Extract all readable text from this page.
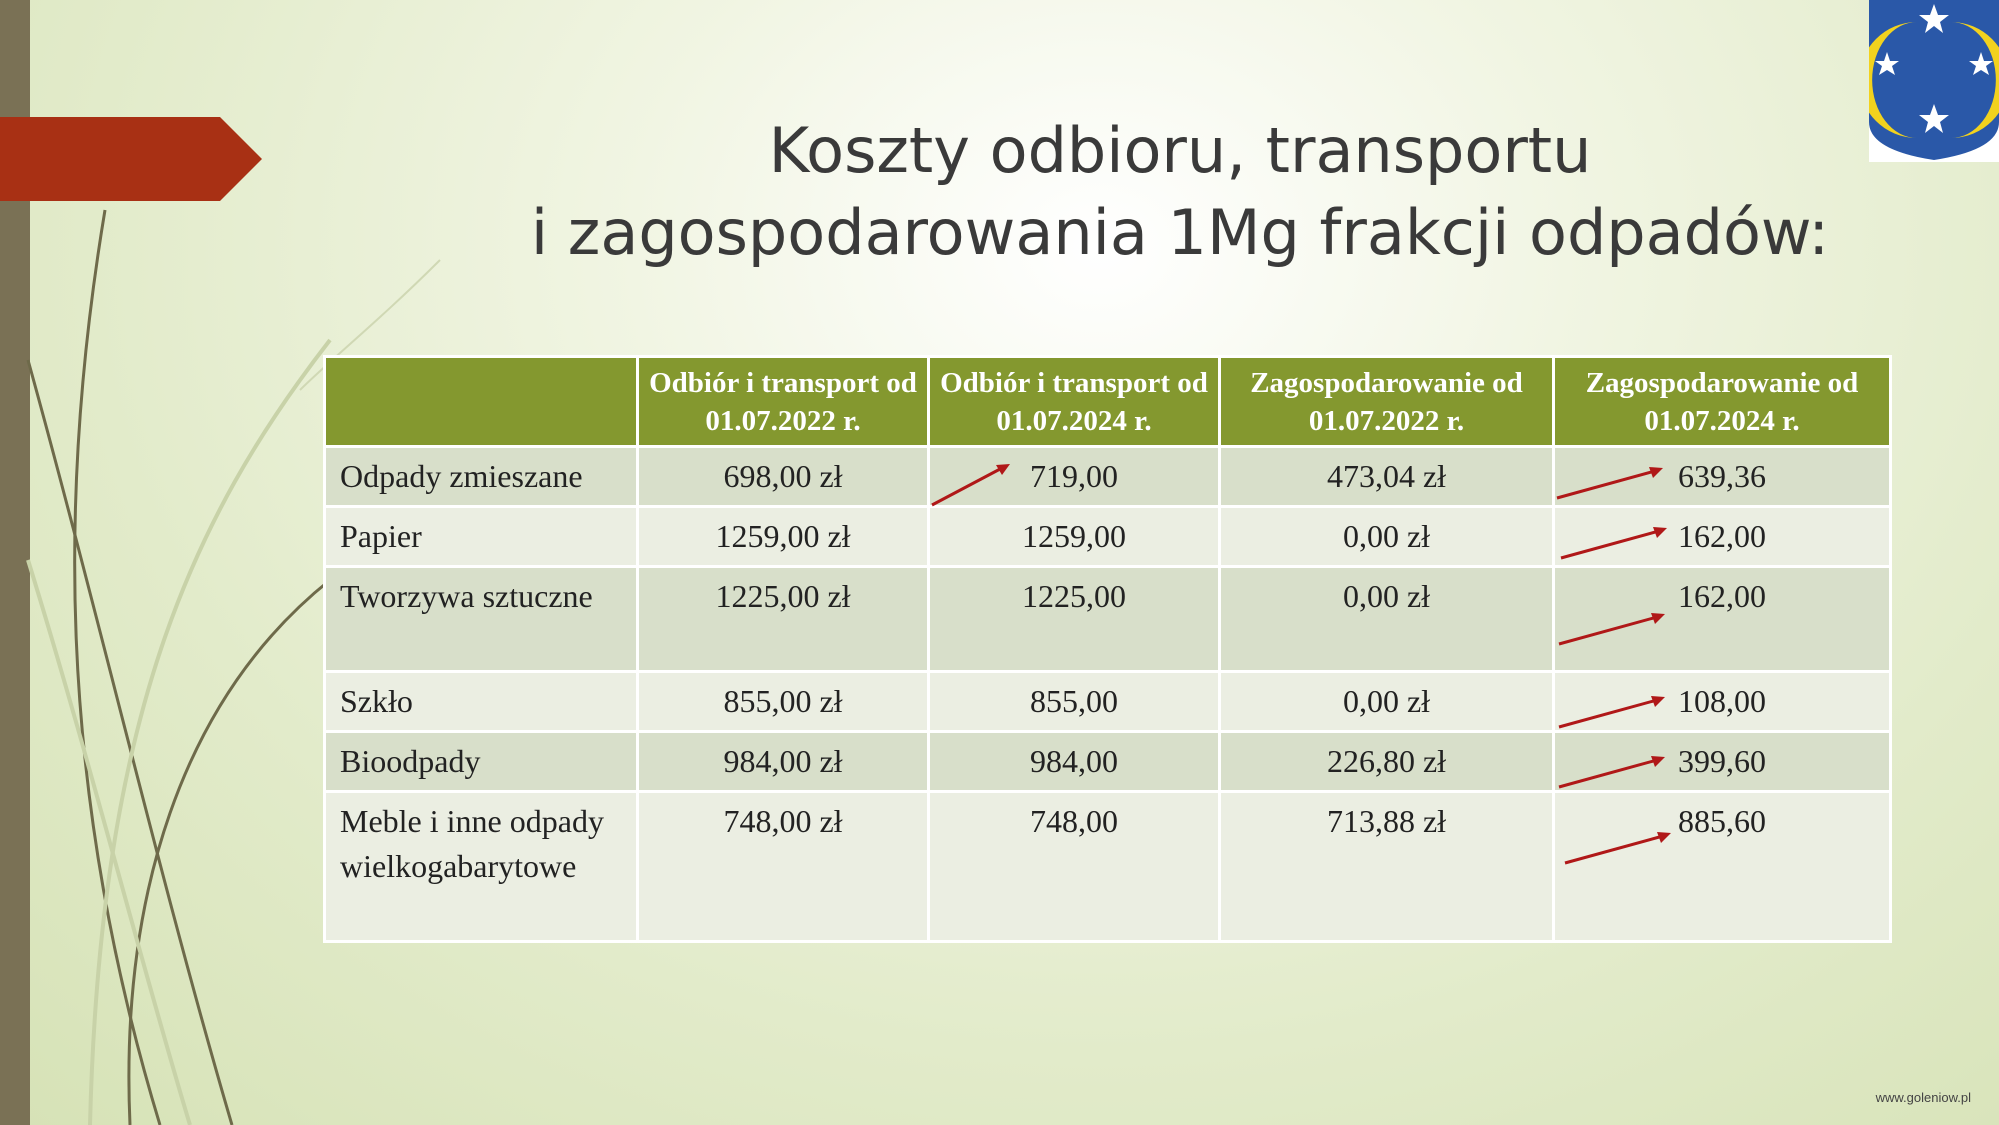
Koszty odbioru, transportu
i zagospodarowania 1Mg frakcji odpadów:
	Odbiór i transport od 01.07.2022 r.	Odbiór i transport od 01.07.2024 r.	Zagospodarowanie od 01.07.2022 r.	Zagospodarowanie od 01.07.2024 r.
Odpady zmieszane	698,00 zł	719,00	473,04 zł	639,36
Papier	1259,00 zł	1259,00	0,00 zł	162,00
Tworzywa sztuczne	1225,00 zł	1225,00	0,00 zł	162,00
Szkło	855,00 zł	855,00	0,00 zł	108,00
Bioodpady	984,00 zł	984,00	226,80 zł	399,60
Meble i inne odpady wielkogabarytowe	748,00 zł	748,00	713,88 zł	885,60
www.goleniow.pl
